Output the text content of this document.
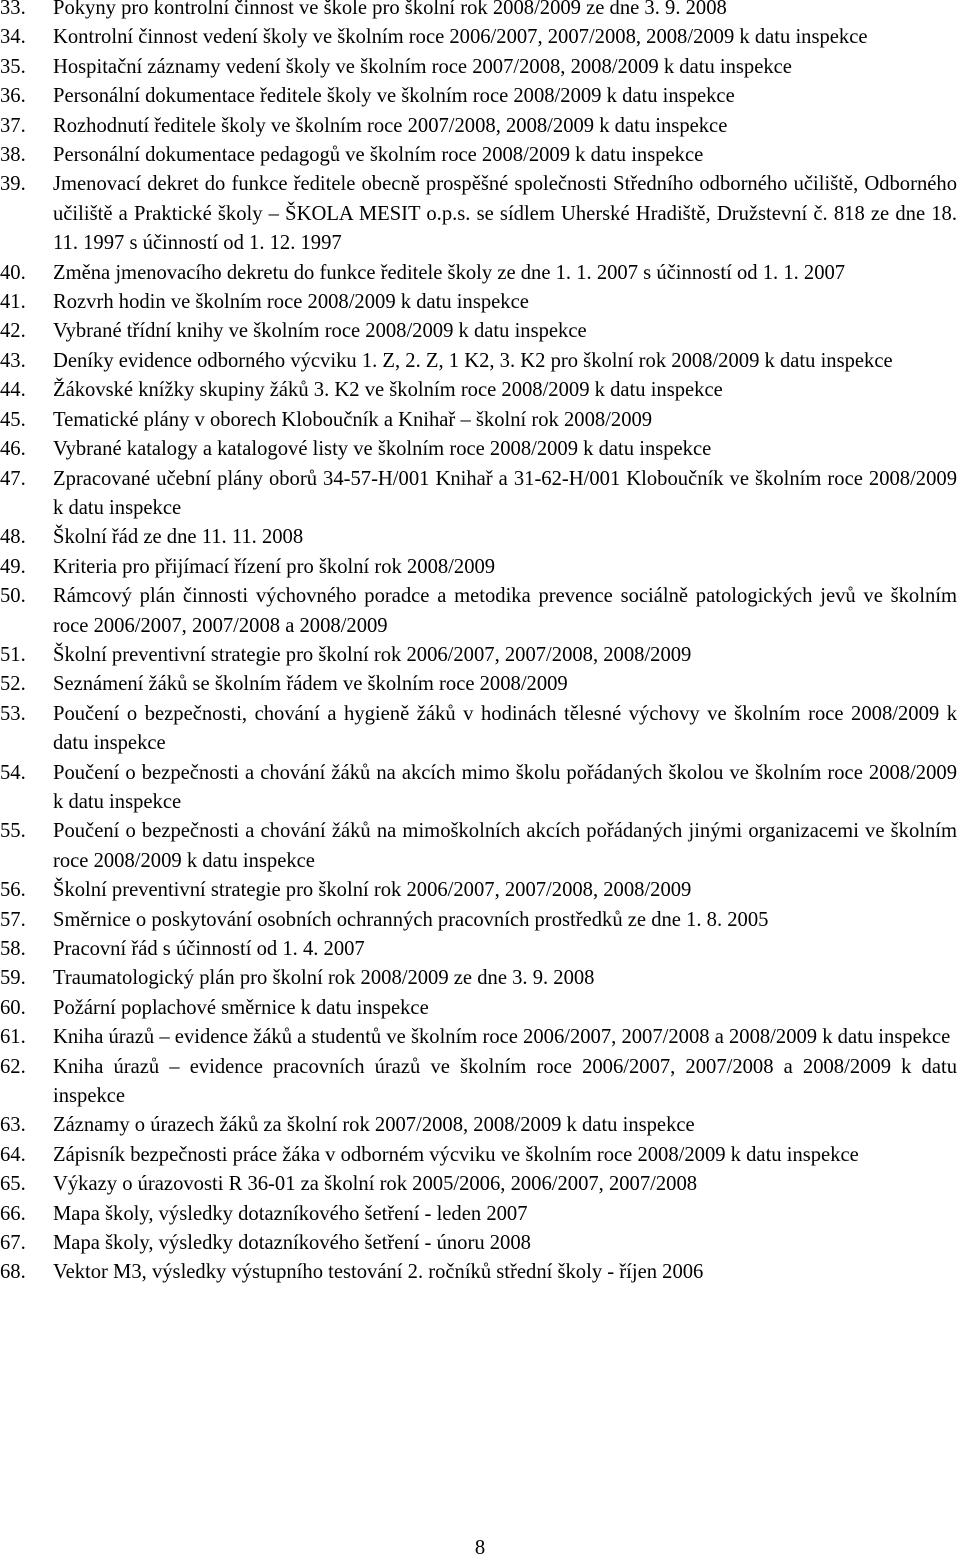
33.	Pokyny pro kontrolní činnost ve škole pro školní rok 2008/2009 ze dne 3. 9. 2008
34.	Kontrolní činnost vedení školy ve školním roce 2006/2007, 2007/2008, 2008/2009 k datu inspekce
35.	Hospitační záznamy vedení školy ve školním roce 2007/2008, 2008/2009 k datu inspekce
36.	Personální dokumentace ředitele školy ve školním roce 2008/2009 k datu inspekce
37.	Rozhodnutí ředitele školy ve školním roce 2007/2008, 2008/2009 k datu inspekce
38.	Personální dokumentace pedagogů ve školním roce 2008/2009 k datu inspekce
39.	Jmenovací dekret do funkce ředitele obecně prospěšné společnosti Středního odborného učiliště, Odborného učiliště a Praktické školy – ŠKOLA MESIT o.p.s. se sídlem Uherské Hradiště, Družstevní č. 818 ze dne 18. 11. 1997 s účinností od 1. 12. 1997
40.	Změna jmenovacího dekretu do funkce ředitele školy ze dne 1. 1. 2007 s účinností od 1. 1. 2007
41.	Rozvrh hodin ve školním roce 2008/2009 k datu inspekce
42.	Vybrané třídní knihy ve školním roce 2008/2009 k datu inspekce
43.	Deníky evidence odborného výcviku 1. Z, 2. Z, 1 K2, 3. K2 pro školní rok 2008/2009 k datu inspekce
44.	Žákovské knížky skupiny žáků 3. K2 ve školním roce 2008/2009 k datu inspekce
45.	Tematické plány v oborech Kloboučník a Knihař – školní rok 2008/2009
46.	Vybrané katalogy a katalogové listy ve školním roce 2008/2009 k datu inspekce
47.	Zpracované učební plány oborů 34-57-H/001 Knihař a 31-62-H/001 Kloboučník ve školním roce 2008/2009 k datu inspekce
48.	Školní řád ze dne 11. 11. 2008
49.	Kriteria pro přijímací řízení pro školní rok 2008/2009
50.	Rámcový plán činnosti výchovného poradce a metodika prevence sociálně patologických jevů ve školním roce 2006/2007, 2007/2008 a 2008/2009
51.	Školní preventivní strategie pro školní rok 2006/2007, 2007/2008, 2008/2009
52.	Seznámení žáků se školním řádem ve školním roce 2008/2009
53.	Poučení o bezpečnosti, chování a hygieně žáků v hodinách tělesné výchovy ve školním roce 2008/2009 k datu inspekce
54.	Poučení o bezpečnosti a chování žáků na akcích mimo školu pořádaných školou ve školním roce 2008/2009 k datu inspekce
55.	Poučení o bezpečnosti a chování žáků na mimoškolních akcích pořádaných jinými organizacemi ve školním roce 2008/2009 k datu inspekce
56.	Školní preventivní strategie pro školní rok 2006/2007, 2007/2008, 2008/2009
57.	Směrnice o poskytování osobních ochranných pracovních prostředků ze dne 1. 8. 2005
58.	Pracovní řád s účinností od 1. 4. 2007
59.	Traumatologický plán pro školní rok 2008/2009 ze dne 3. 9. 2008
60.	Požární poplachové směrnice k datu inspekce
61.	Kniha úrazů – evidence žáků a studentů ve školním roce 2006/2007, 2007/2008 a 2008/2009 k datu inspekce
62.	Kniha úrazů – evidence pracovních úrazů ve školním roce 2006/2007, 2007/2008 a 2008/2009 k datu inspekce
63.	Záznamy o úrazech žáků za školní rok 2007/2008, 2008/2009 k datu inspekce
64.	Zápisník bezpečnosti práce žáka v odborném výcviku ve školním roce 2008/2009 k datu inspekce
65.	Výkazy o úrazovosti R 36-01 za školní rok 2005/2006, 2006/2007, 2007/2008
66.	Mapa školy, výsledky dotazníkového šetření - leden 2007
67.	Mapa školy, výsledky dotazníkového šetření - únoru 2008
68.	Vektor M3, výsledky výstupního testování 2. ročníků střední školy - říjen 2006
8
